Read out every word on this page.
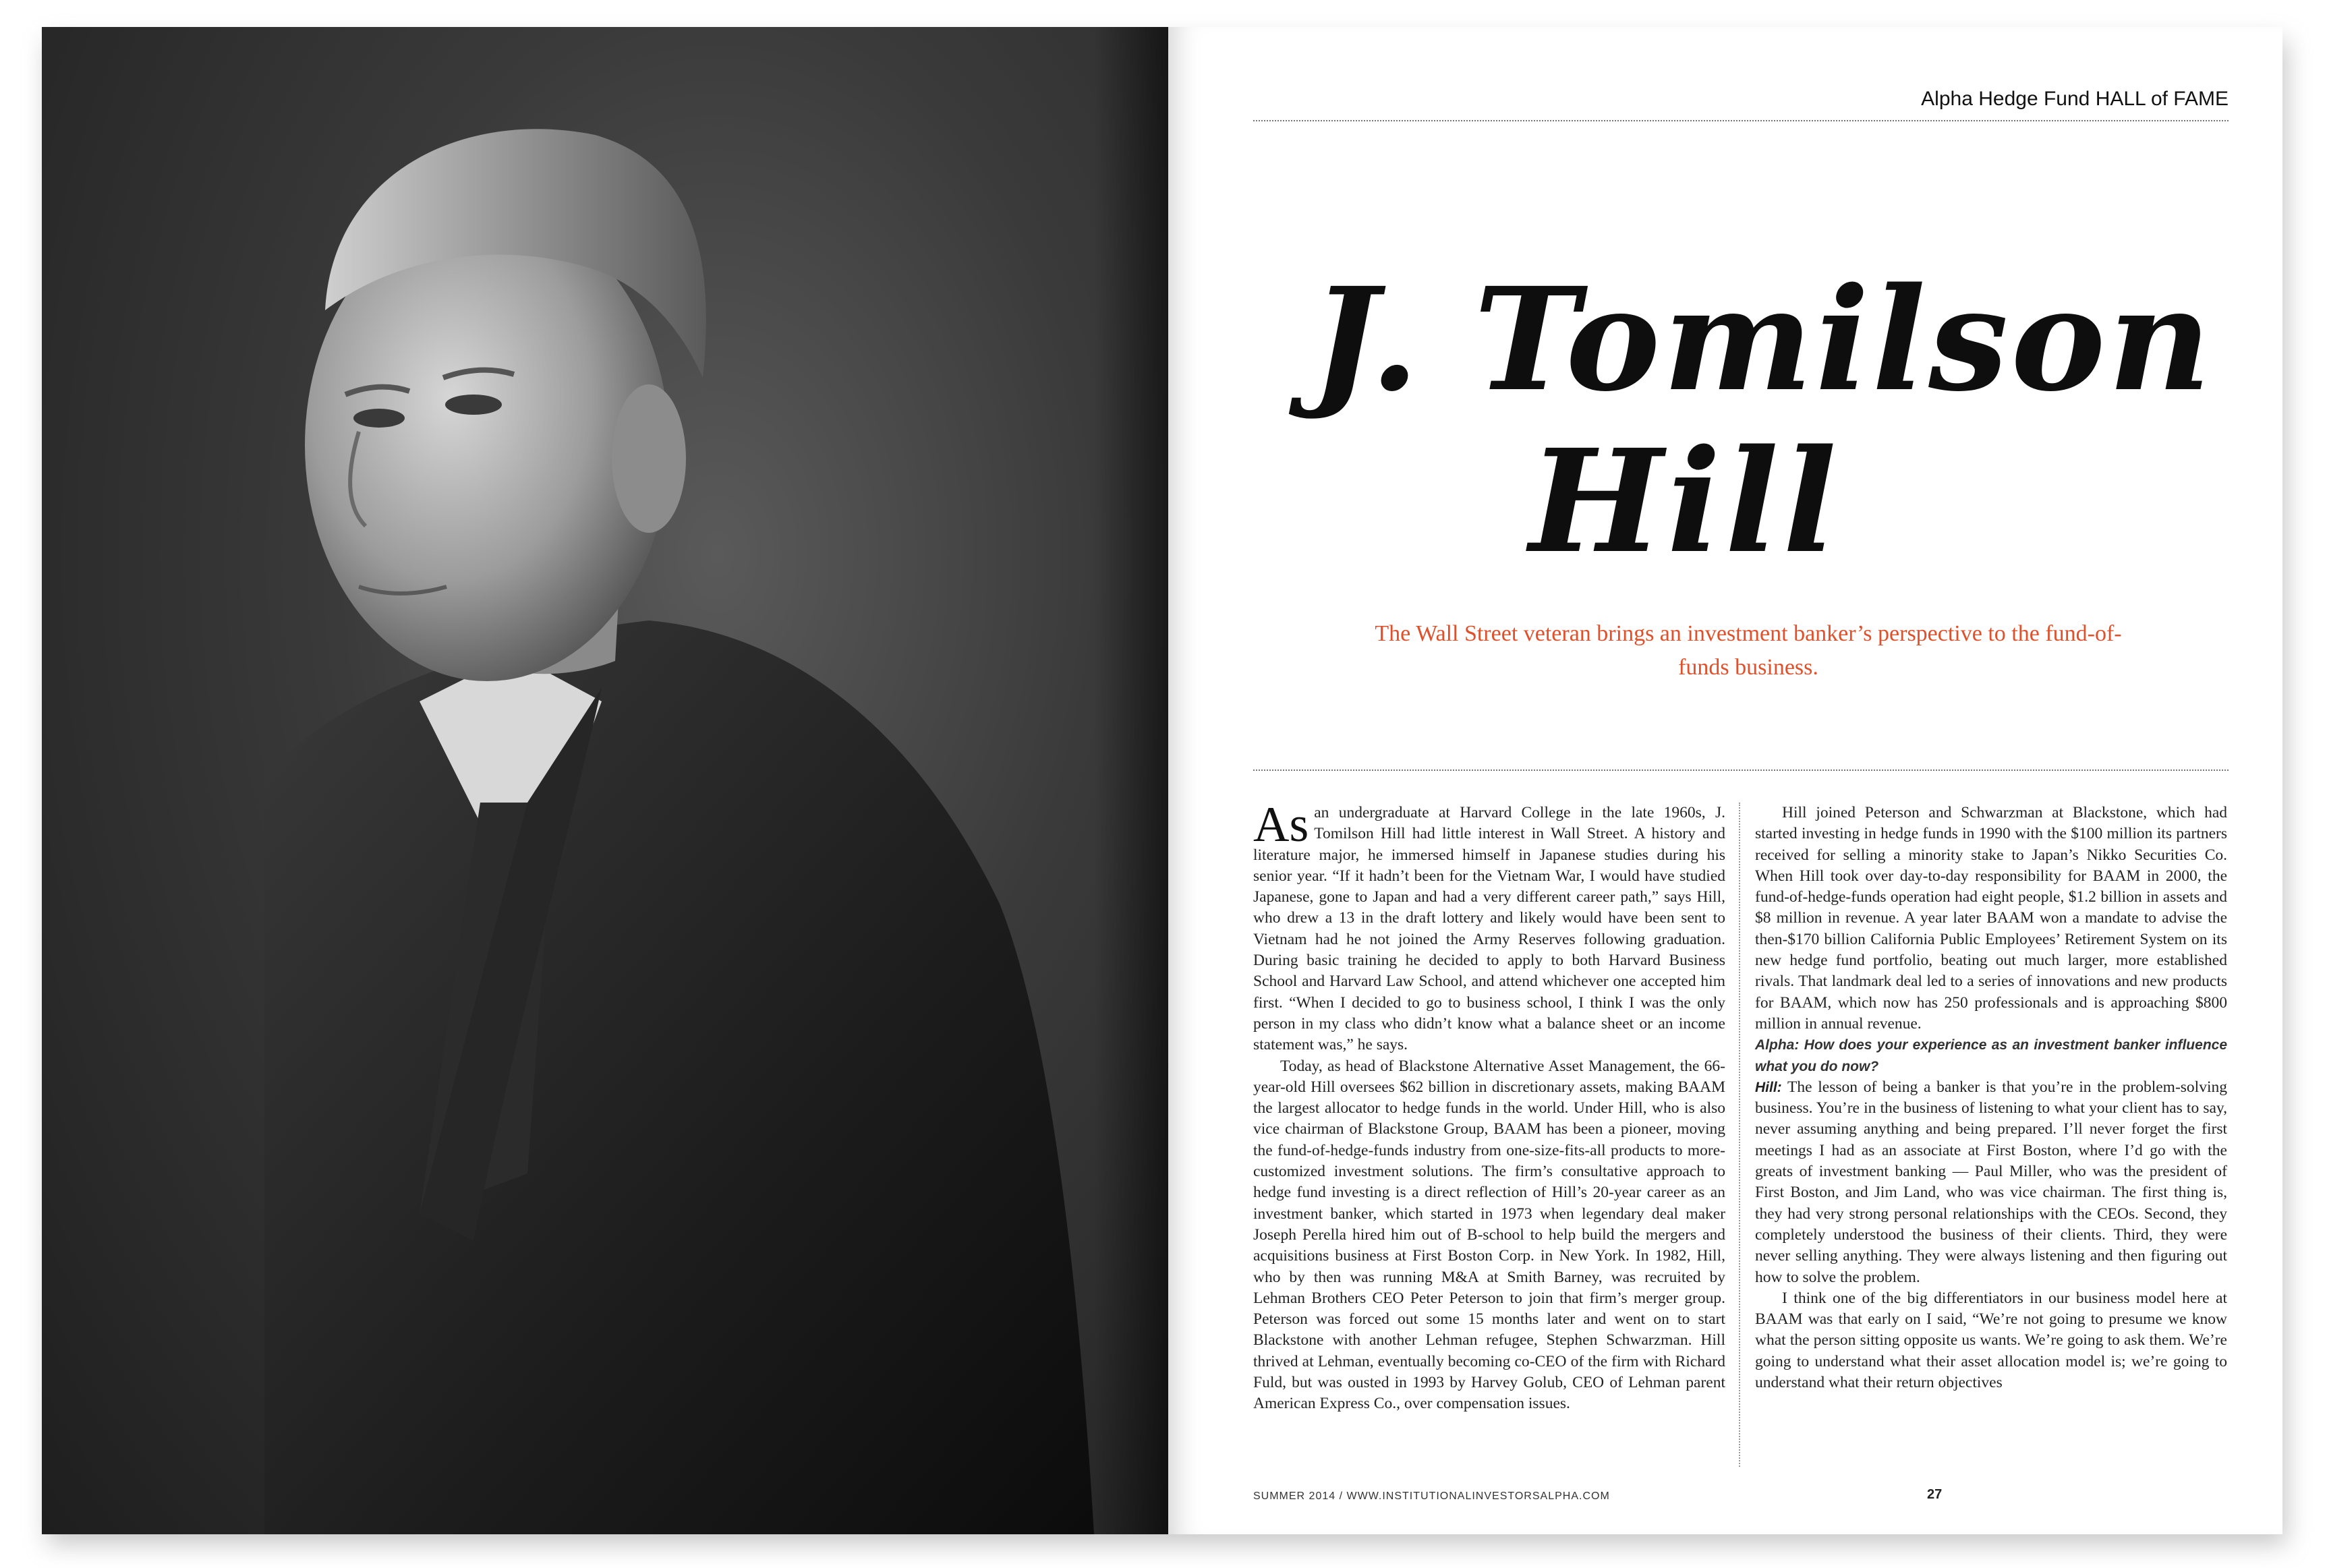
Alpha Hedge Fund HALL of FAME
J. Tomilson
Hill
The Wall Street veteran brings an investment banker’s perspective to the fund-of-funds business.

As an undergraduate at Harvard College in the late 1960s, J. Tomilson Hill had little interest in Wall Street. A history and literature major, he immersed himself in Japanese studies during his senior year. “If it hadn’t been for the Vietnam War, I would have studied Japanese, gone to Japan and had a very different career path,” says Hill, who drew a 13 in the draft lottery and likely would have been sent to Vietnam had he not joined the Army Reserves following graduation. During basic training he decided to apply to both Harvard Business School and Harvard Law School, and attend whichever one accepted him first. “When I decided to go to business school, I think I was the only person in my class who didn’t know what a balance sheet or an income statement was,” he says.

Today, as head of Blackstone Alternative Asset Management, the 66-year-old Hill oversees $62 billion in discretionary assets, making BAAM the largest allocator to hedge funds in the world. Under Hill, who is also vice chairman of Blackstone Group, BAAM has been a pioneer, moving the fund-of-hedge-funds industry from one-size-fits-all products to more-customized investment solutions. The firm’s consultative approach to hedge fund investing is a direct reflection of Hill’s 20-year career as an investment banker, which started in 1973 when legendary deal maker Joseph Perella hired him out of B-school to help build the mergers and acquisitions business at First Boston Corp. in New York. In 1982, Hill, who by then was running M&A at Smith Barney, was recruited by Lehman Brothers CEO Peter Peterson to join that firm’s merger group. Peterson was forced out some 15 months later and went on to start Blackstone with another Lehman refugee, Stephen Schwarzman. Hill thrived at Lehman, eventually becoming co-CEO of the firm with Richard Fuld, but was ousted in 1993 by Harvey Golub, CEO of Lehman parent American Express Co., over compensation issues.

Hill joined Peterson and Schwarzman at Blackstone, which had started investing in hedge funds in 1990 with the $100 million its partners received for selling a minority stake to Japan’s Nikko Securities Co. When Hill took over day-to-day responsibility for BAAM in 2000, the fund-of-hedge-funds operation had eight people, $1.2 billion in assets and $8 million in revenue. A year later BAAM won a mandate to advise the then-$170 billion California Public Employees’ Retirement System on its new hedge fund portfolio, beating out much larger, more established rivals. That landmark deal led to a series of innovations and new products for BAAM, which now has 250 professionals and is approaching $800 million in annual revenue.

Alpha: How does your experience as an investment banker influence what you do now?

Hill: The lesson of being a banker is that you’re in the problem-solving business. You’re in the business of listening to what your client has to say, never assuming anything and being prepared. I’ll never forget the first meetings I had as an associate at First Boston, where I’d go with the greats of investment banking — Paul Miller, who was the president of First Boston, and Jim Land, who was vice chairman. The first thing is, they had very strong personal relationships with the CEOs. Second, they completely understood the business of their clients. Third, they were never selling anything. They were always listening and then figuring out how to solve the problem.

I think one of the big differentiators in our business model here at BAAM was that early on I said, “We’re not going to presume we know what the person sitting opposite us wants. We’re going to ask them. We’re going to understand what their asset allocation model is; we’re going to understand what their return objectives

SUMMER 2014 / WWW.INSTITUTIONALINVESTORSALPHA.COM	27
